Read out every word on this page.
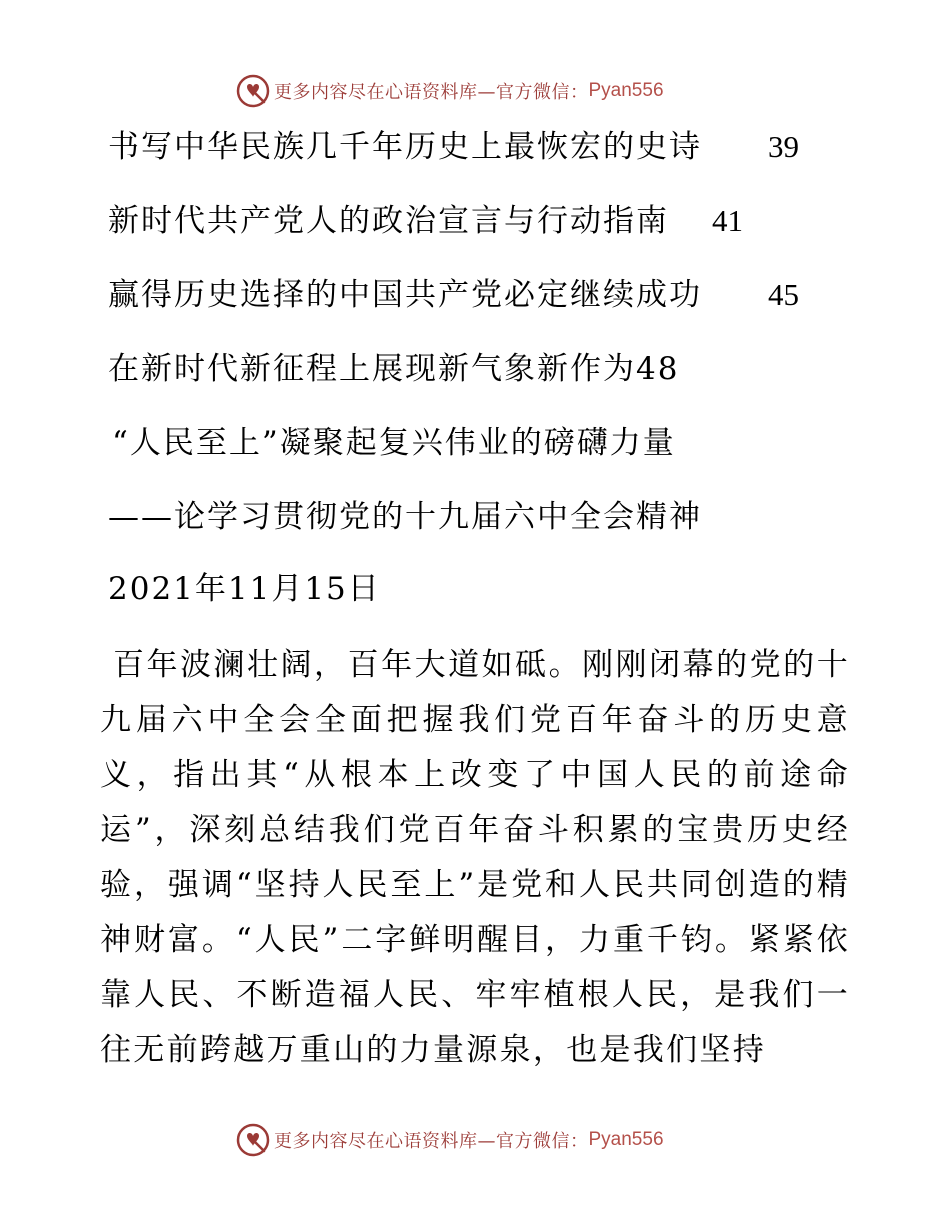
更多内容尽在心语资料库—官方微信： Pyan556
书写中华民族几千年历史上最恢宏的史诗 39
新时代共产党人的政治宣言与行动指南 41
赢得历史选择的中国共产党必定继续成功 45
在新时代新征程上展现新气象新作为48
“人民至上”凝聚起复兴伟业的磅礴力量
——论学习贯彻党的十九届六中全会精神
2021年11月15日
百年波澜壮阔，百年大道如砥。刚刚闭幕的党的十九届六中全会全面把握我们党百年奋斗的历史意义，指出其“从根本上改变了中国人民的前途命运”，深刻总结我们党百年奋斗积累的宝贵历史经验，强调“坚持人民至上”是党和人民共同创造的精神财富。“人民”二字鲜明醒目，力重千钧。紧紧依靠人民、不断造福人民、牢牢植根人民，是我们一往无前跨越万重山的力量源泉，也是我们坚持
更多内容尽在心语资料库—官方微信： Pyan556
